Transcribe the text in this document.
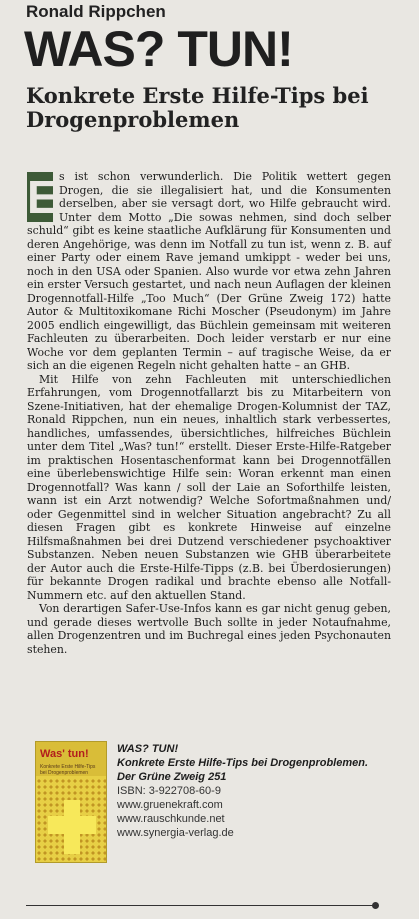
Ronald Rippchen
WAS? TUN!
Konkrete Erste Hilfe-Tips bei Drogenproblemen

E s ist schon verwunderlich. Die Politik wettert gegen Drogen, die sie illegalisiert hat, und die Konsumenten derselben, aber sie versagt dort, wo Hilfe gebraucht wird. Unter dem Motto „Die sowas nehmen, sind doch selber schuld“ gibt es keine staatliche Aufklärung für Konsumenten und deren Angehörige, was denn im Notfall zu tun ist, wenn z. B. auf einer Party oder einem Rave jemand umkippt - weder bei uns, noch in den USA oder Spanien. Also wurde vor etwa zehn Jahren ein erster Versuch gestartet, und nach neun Auflagen der kleinen Drogennotfall-Hilfe „Too Much“ (Der Grüne Zweig 172) hatte Autor & Multitoxikomane Richi Moscher (Pseudonym) im Jahre 2005 endlich eingewilligt, das Büchlein gemeinsam mit weiteren Fachleuten zu überarbeiten. Doch leider verstarb er nur eine Woche vor dem geplanten Termin – auf tragische Weise, da er sich an die eigenen Regeln nicht gehalten hatte – an GHB.

Mit Hilfe von zehn Fachleuten mit unterschiedlichen Erfahrungen, vom Drogennotfallarzt bis zu Mitarbeitern von Szene-Initiativen, hat der ehemalige Drogen-Kolumnist der TAZ, Ronald Rippchen, nun ein neues, inhaltlich stark verbessertes, handliches, umfassendes, übersichtliches, hilfreiches Büchlein unter dem Titel „Was? tun!“ erstellt. Dieser Erste-Hilfe-Ratgeber im praktischen Hosentaschenformat kann bei Drogennotfällen eine überlebenswichtige Hilfe sein: Woran erkennt man einen Drogennotfall? Was kann / soll der Laie an Soforthilfe leisten, wann ist ein Arzt notwendig? Welche Sofortmaßnahmen und/ oder Gegenmittel sind in welcher Situation angebracht? Zu all diesen Fragen gibt es konkrete Hinweise auf einzelne Hilfsmaßnahmen bei drei Dutzend verschiedener psychoaktiver Substanzen. Neben neuen Substanzen wie GHB überarbeitete der Autor auch die Erste-Hilfe-Tipps (z.B. bei Überdosierungen) für bekannte Drogen radikal und brachte ebenso alle Notfall-Nummern etc. auf den aktuellen Stand.

Von derartigen Safer-Use-Infos kann es gar nicht genug geben, und gerade dieses wertvolle Buch sollte in jeder Notaufnahme, allen Drogenzentren und im Buchregal eines jeden Psychonauten stehen.

Was' tun!
Konkrete Erste Hilfe-Tips bei Drogenproblemen
WAS? TUN!
Konkrete Erste Hilfe-Tips bei Drogenproblemen.
Der Grüne Zweig 251
ISBN: 3-922708-60-9
www.gruenekraft.com
www.rauschkunde.net
www.synergia-verlag.de
